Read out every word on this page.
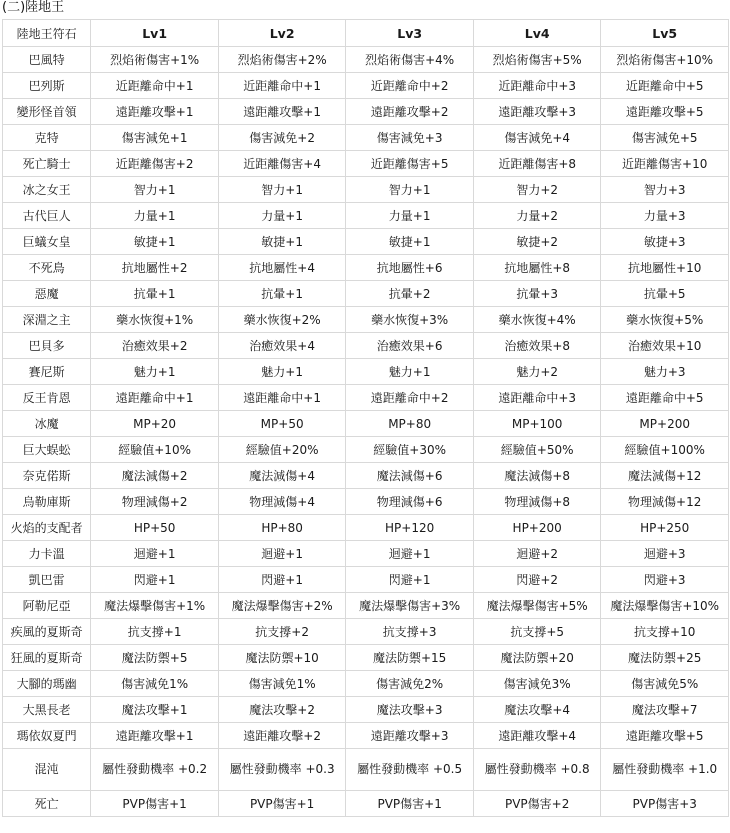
(二)陸地王
陸地王符石	Lv1	Lv2	Lv3	Lv4	Lv5
巴風特	烈焰術傷害+1%	烈焰術傷害+2%	烈焰術傷害+4%	烈焰術傷害+5%	烈焰術傷害+10%
巴列斯	近距離命中+1	近距離命中+1	近距離命中+2	近距離命中+3	近距離命中+5
變形怪首領	遠距離攻擊+1	遠距離攻擊+1	遠距離攻擊+2	遠距離攻擊+3	遠距離攻擊+5
克特	傷害減免+1	傷害減免+2	傷害減免+3	傷害減免+4	傷害減免+5
死亡騎士	近距離傷害+2	近距離傷害+4	近距離傷害+5	近距離傷害+8	近距離傷害+10
冰之女王	智力+1	智力+1	智力+1	智力+2	智力+3
古代巨人	力量+1	力量+1	力量+1	力量+2	力量+3
巨蟻女皇	敏捷+1	敏捷+1	敏捷+1	敏捷+2	敏捷+3
不死鳥	抗地屬性+2	抗地屬性+4	抗地屬性+6	抗地屬性+8	抗地屬性+10
惡魔	抗暈+1	抗暈+1	抗暈+2	抗暈+3	抗暈+5
深淵之主	藥水恢復+1%	藥水恢復+2%	藥水恢復+3%	藥水恢復+4%	藥水恢復+5%
巴貝多	治癒效果+2	治癒效果+4	治癒效果+6	治癒效果+8	治癒效果+10
賽尼斯	魅力+1	魅力+1	魅力+1	魅力+2	魅力+3
反王肯恩	遠距離命中+1	遠距離命中+1	遠距離命中+2	遠距離命中+3	遠距離命中+5
冰魔	MP+20	MP+50	MP+80	MP+100	MP+200
巨大蜈蚣	經驗值+10%	經驗值+20%	經驗值+30%	經驗值+50%	經驗值+100%
奈克偌斯	魔法減傷+2	魔法減傷+4	魔法減傷+6	魔法減傷+8	魔法減傷+12
烏勒庫斯	物理減傷+2	物理減傷+4	物理減傷+6	物理減傷+8	物理減傷+12
火焰的支配者	HP+50	HP+80	HP+120	HP+200	HP+250
力卡溫	迴避+1	迴避+1	迴避+1	迴避+2	迴避+3
凱巴雷	閃避+1	閃避+1	閃避+1	閃避+2	閃避+3
阿勒尼亞	魔法爆擊傷害+1%	魔法爆擊傷害+2%	魔法爆擊傷害+3%	魔法爆擊傷害+5%	魔法爆擊傷害+10%
疾風的夏斯奇	抗支撐+1	抗支撐+2	抗支撐+3	抗支撐+5	抗支撐+10
狂風的夏斯奇	魔法防禦+5	魔法防禦+10	魔法防禦+15	魔法防禦+20	魔法防禦+25
大腳的瑪幽	傷害減免1%	傷害減免1%	傷害減免2%	傷害減免3%	傷害減免5%
大黑長老	魔法攻擊+1	魔法攻擊+2	魔法攻擊+3	魔法攻擊+4	魔法攻擊+7
瑪依奴夏門	遠距離攻擊+1	遠距離攻擊+2	遠距離攻擊+3	遠距離攻擊+4	遠距離攻擊+5
混沌	屬性發動機率 +0.2	屬性發動機率 +0.3	屬性發動機率 +0.5	屬性發動機率 +0.8	屬性發動機率 +1.0
死亡	PVP傷害+1	PVP傷害+1	PVP傷害+1	PVP傷害+2	PVP傷害+3
